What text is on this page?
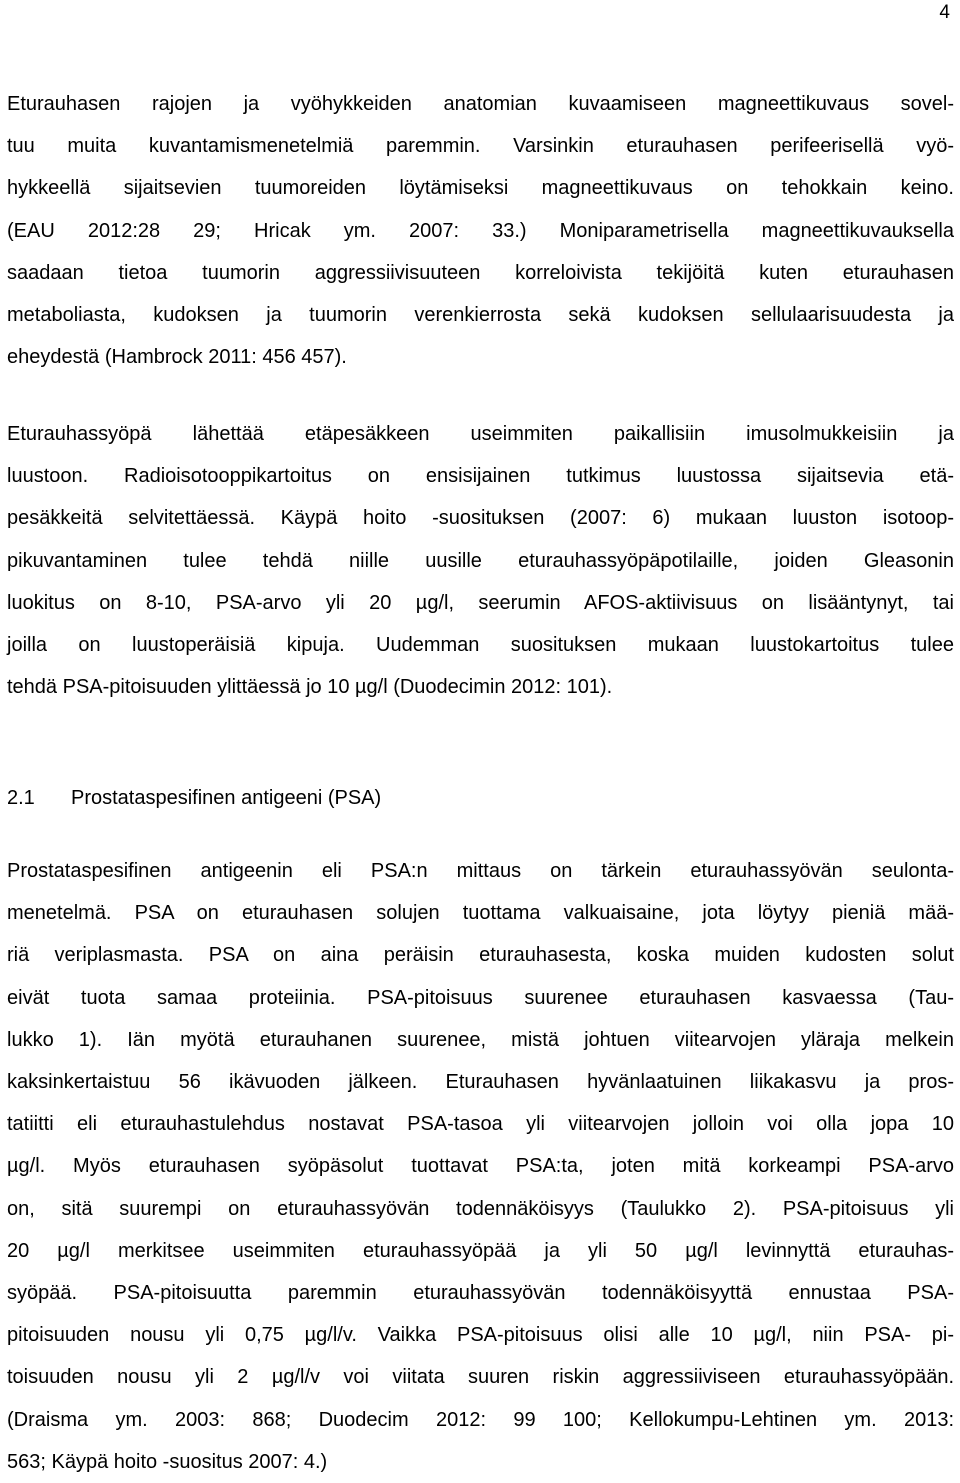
4
Eturauhasen rajojen ja vyöhykkeiden anatomian kuvaamiseen magneettikuvaus sovel-
tuu muita kuvantamismenetelmiä paremmin. Varsinkin eturauhasen perifeerisellä vyö-
hykkeellä sijaitsevien tuumoreiden löytämiseksi magneettikuvaus on tehokkain keino.
(EAU 2012:28 29; Hricak ym. 2007: 33.) Moniparametrisella magneettikuvauksella
saadaan tietoa tuumorin aggressiivisuuteen korreloivista tekijöitä kuten eturauhasen
metaboliasta, kudoksen ja tuumorin verenkierrosta sekä kudoksen sellulaarisuudesta ja
eheydestä (Hambrock 2011: 456 457).
Eturauhassyöpä lähettää etäpesäkkeen useimmiten paikallisiin imusolmukkeisiin ja
luustoon. Radioisotooppikartoitus on ensisijainen tutkimus luustossa sijaitsevia etä-
pesäkkeitä selvitettäessä. Käypä hoito -suosituksen (2007: 6) mukaan luuston isotoop-
pikuvantaminen tulee tehdä niille uusille eturauhassyöpäpotilaille, joiden Gleasonin
luokitus on 8-10, PSA-arvo yli 20 µg/l, seerumin AFOS-aktiivisuus on lisääntynyt, tai
joilla on luustoperäisiä kipuja. Uudemman suosituksen mukaan luustokartoitus tulee
tehdä PSA-pitoisuuden ylittäessä jo 10 µg/l (Duodecimin 2012: 101).
2.1 Prostataspesifinen antigeeni (PSA)
Prostataspesifinen antigeenin eli PSA:n mittaus on tärkein eturauhassyövän seulonta-
menetelmä. PSA on eturauhasen solujen tuottama valkuaisaine, jota löytyy pieniä mää-
riä veriplasmasta. PSA on aina peräisin eturauhasesta, koska muiden kudosten solut
eivät tuota samaa proteiinia. PSA-pitoisuus suurenee eturauhasen kasvaessa (Tau-
lukko 1). Iän myötä eturauhanen suurenee, mistä johtuen viitearvojen yläraja melkein
kaksinkertaistuu 56 ikävuoden jälkeen. Eturauhasen hyvänlaatuinen liikakasvu ja pros-
tatiitti eli eturauhastulehdus nostavat PSA-tasoa yli viitearvojen jolloin voi olla jopa 10
µg/l. Myös eturauhasen syöpäsolut tuottavat PSA:ta, joten mitä korkeampi PSA-arvo
on, sitä suurempi on eturauhassyövän todennäköisyys (Taulukko 2). PSA-pitoisuus yli
20 µg/l merkitsee useimmiten eturauhassyöpää ja yli 50 µg/l levinnyttä eturauhas-
syöpää. PSA-pitoisuutta paremmin eturauhassyövän todennäköisyyttä ennustaa PSA-
pitoisuuden nousu yli 0,75 µg/l/v. Vaikka PSA-pitoisuus olisi alle 10 µg/l, niin PSA- pi-
toisuuden nousu yli 2 µg/l/v voi viitata suuren riskin aggressiiviseen eturauhassyöpään.
(Draisma ym. 2003: 868; Duodecim 2012: 99 100; Kellokumpu-Lehtinen ym. 2013:
563; Käypä hoito -suositus 2007: 4.)
